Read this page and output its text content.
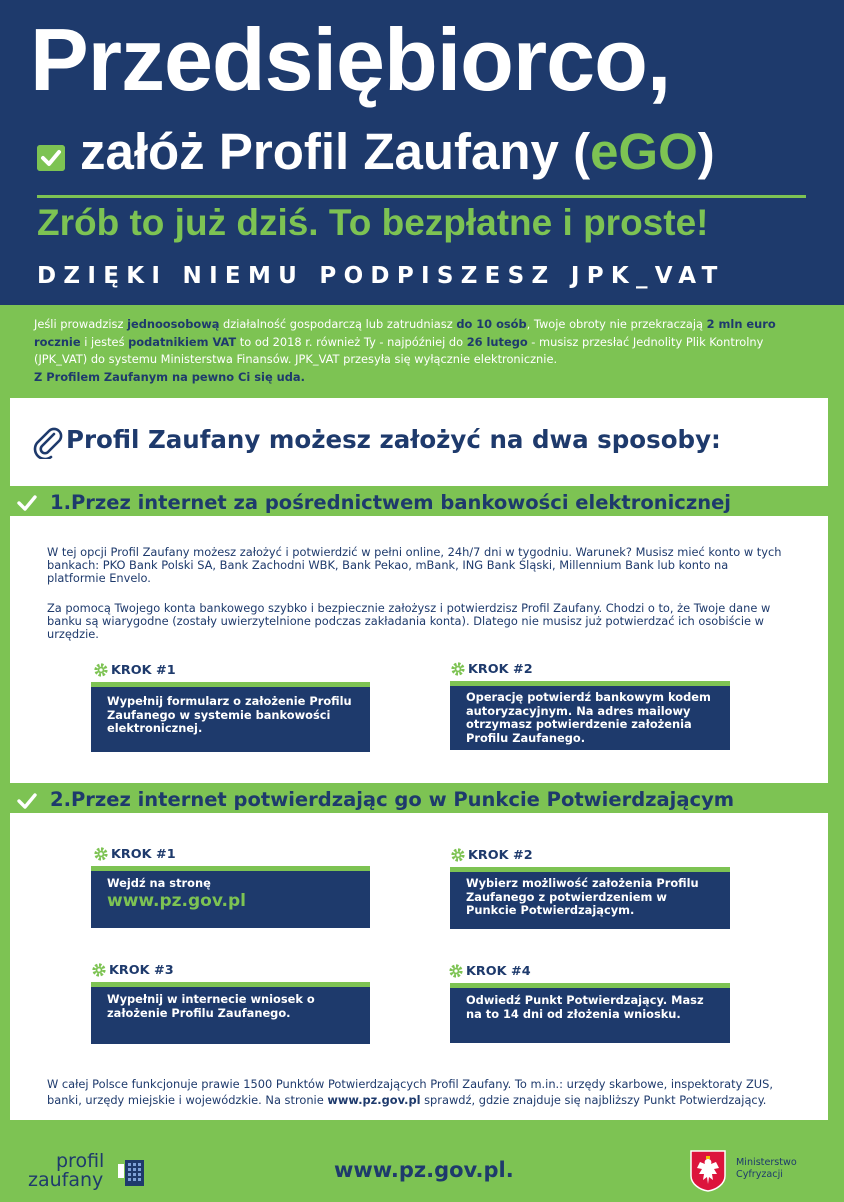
Przedsiębiorco,
załóż Profil Zaufany (eGO)
Zrób to już dziś. To bezpłatne i proste!
DZIĘKI NIEMU PODPISZESZ JPK_VAT
Jeśli prowadzisz jednoosobową działalność gospodarczą lub zatrudniasz do 10 osób, Twoje obroty nie przekraczają 2 mln euro rocznie i jesteś podatnikiem VAT to od 2018 r. również Ty - najpóźniej do 26 lutego - musisz przesłać Jednolity Plik Kontrolny (JPK_VAT) do systemu Ministerstwa Finansów. JPK_VAT przesyła się wyłącznie elektronicznie.
Z Profilem Zaufanym na pewno Ci się uda.
Profil Zaufany możesz założyć na dwa sposoby:
1.Przez internet za pośrednictwem bankowości elektronicznej
W tej opcji Profil Zaufany możesz założyć i potwierdzić w pełni online, 24h/7 dni w tygodniu. Warunek? Musisz mieć konto w tych bankach: PKO Bank Polski SA, Bank Zachodni WBK, Bank Pekao, mBank, ING Bank Śląski, Millennium Bank lub konto na platformie Envelo.
Za pomocą Twojego konta bankowego szybko i bezpiecznie założysz i potwierdzisz Profil Zaufany. Chodzi o to, że Twoje dane w banku są wiarygodne (zostały uwierzytelnione podczas zakładania konta). Dlatego nie musisz już potwierdzać ich osobiście w urzędzie.
KROK #1
Wypełnij formularz o założenie Profilu Zaufanego w systemie bankowości elektronicznej.
KROK #2
Operację potwierdź bankowym kodem autoryzacyjnym. Na adres mailowy otrzymasz potwierdzenie założenia Profilu Zaufanego.
2.Przez internet potwierdzając go w Punkcie Potwierdzającym
KROK #1
Wejdź na stronę
www.pz.gov.pl
KROK #2
Wybierz możliwość założenia Profilu Zaufanego z potwierdzeniem w Punkcie Potwierdzającym.
KROK #3
Wypełnij w internecie wniosek o założenie Profilu Zaufanego.
KROK #4
Odwiedź Punkt Potwierdzający. Masz na to 14 dni od złożenia wniosku.
W całej Polsce funkcjonuje prawie 1500 Punktów Potwierdzających Profil Zaufany. To m.in.: urzędy skarbowe, inspektoraty ZUS, banki, urzędy miejskie i wojewódzkie. Na stronie www.pz.gov.pl sprawdź, gdzie znajduje się najbliższy Punkt Potwierdzający.
profil
zaufany	www.pz.gov.pl.	Ministerstwo
Cyfryzacji
